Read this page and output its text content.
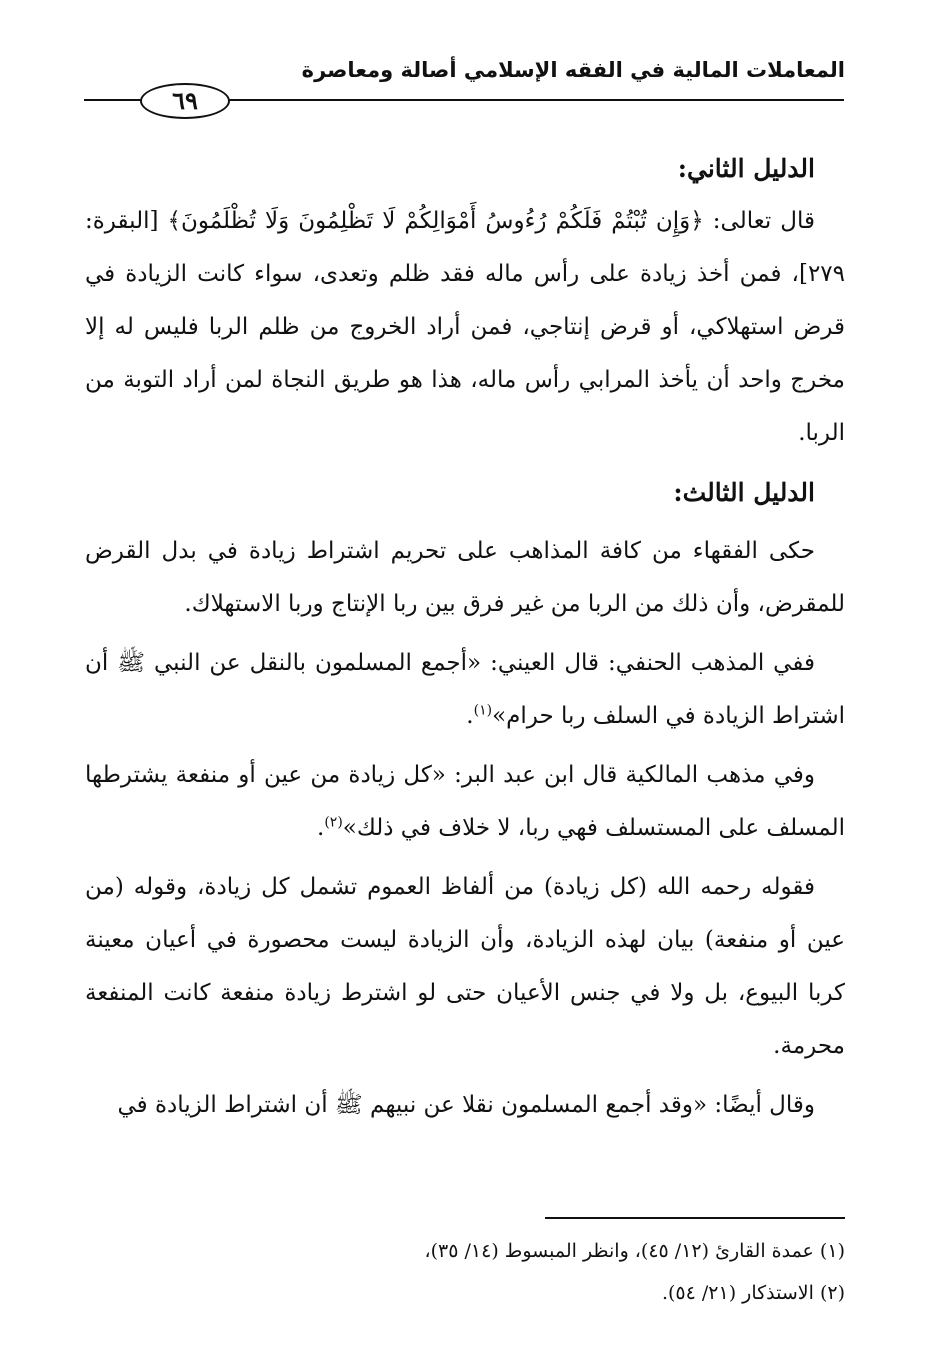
المعاملات المالية في الفقه الإسلامي أصالة ومعاصرة
٦٩

الدليل الثاني:

قال تعالى: ﴿وَإِن تُبْتُمْ فَلَكُمْ رُءُوسُ أَمْوَالِكُمْ لَا تَظْلِمُونَ وَلَا تُظْلَمُونَ﴾ [البقرة: ٢٧٩]، فمن أخذ زيادة على رأس ماله فقد ظلم وتعدى، سواء كانت الزيادة في قرض استهلاكي، أو قرض إنتاجي، فمن أراد الخروج من ظلم الربا فليس له إلا مخرج واحد أن يأخذ المرابي رأس ماله، هذا هو طريق النجاة لمن أراد التوبة من الربا.

الدليل الثالث:

حكى الفقهاء من كافة المذاهب على تحريم اشتراط زيادة في بدل القرض للمقرض، وأن ذلك من الربا من غير فرق بين ربا الإنتاج وربا الاستهلاك.

ففي المذهب الحنفي: قال العيني: «أجمع المسلمون بالنقل عن النبي ﷺ أن اشتراط الزيادة في السلف ربا حرام»$^{(١)}$.

وفي مذهب المالكية قال ابن عبد البر: «كل زيادة من عين أو منفعة يشترطها المسلف على المستسلف فهي ربا، لا خلاف في ذلك»$^{(٢)}$.

فقوله رحمه الله (كل زيادة) من ألفاظ العموم تشمل كل زيادة، وقوله (من عين أو منفعة) بيان لهذه الزيادة، وأن الزيادة ليست محصورة في أعيان معينة كربا البيوع، بل ولا في جنس الأعيان حتى لو اشترط زيادة منفعة كانت المنفعة محرمة.

وقال أيضًا: «وقد أجمع المسلمون نقلا عن نبيهم ﷺ أن اشتراط الزيادة في

(١) عمدة القارئ (١٢/ ٤٥)، وانظر المبسوط (١٤/ ٣٥)،

(٢) الاستذكار (٢١/ ٥٤).
